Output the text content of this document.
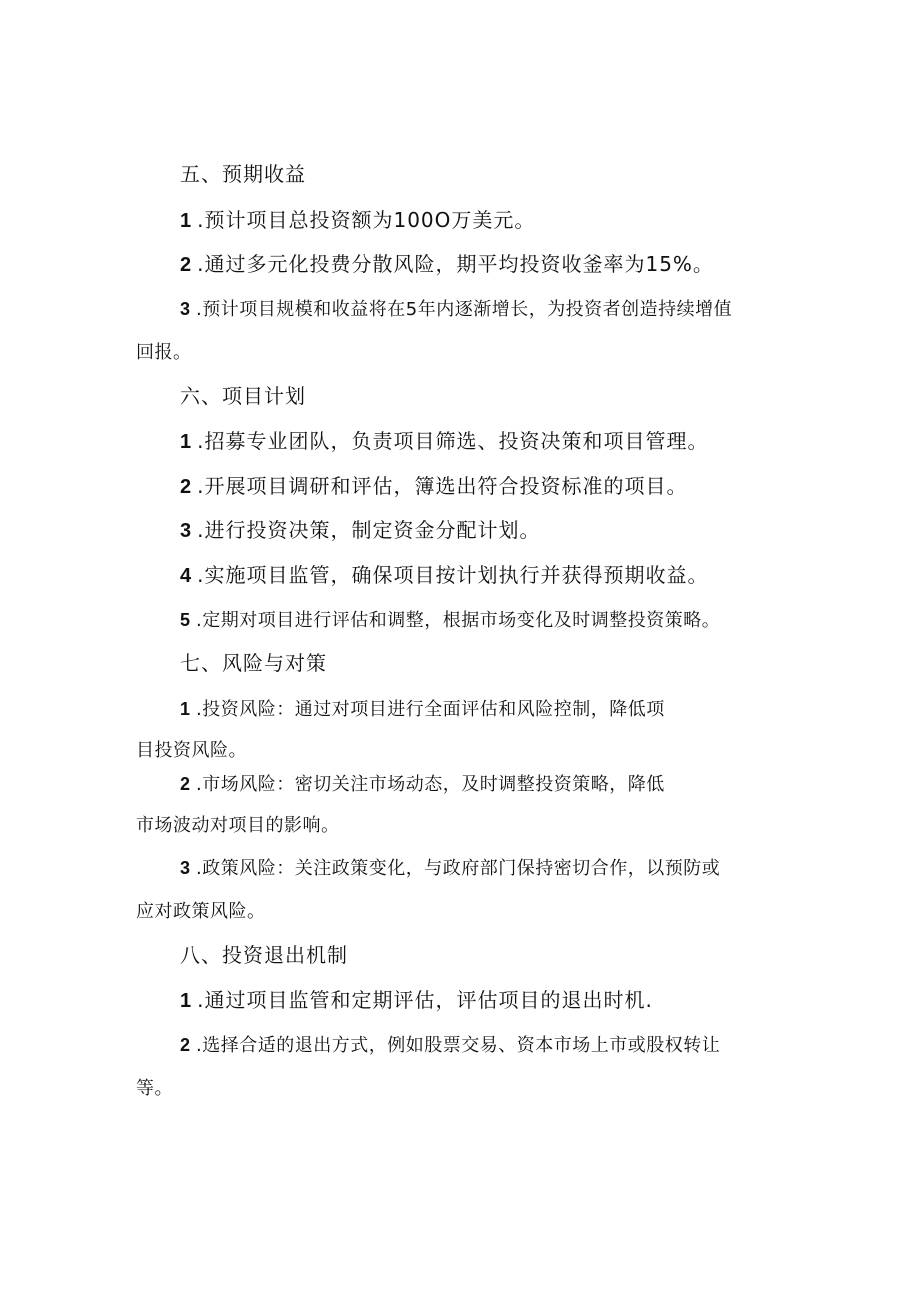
五、预期收益
1 .预计项目总投资额为100O万美元。
2 .通过多元化投费分散风险，期平均投资收釜率为15%。
3 .预计项目规模和收益将在5年内逐渐增长，为投资者创造持续增值
回报。
六、项目计划
1 .招募专业团队，负责项目筛选、投资决策和项目管理。
2 .开展项目调研和评估，簿选出符合投资标准的项目。
3 .进行投资决策，制定资金分配计划。
4 .实施项目监管，确保项目按计划执行并获得预期收益。
5 .定期对项目进行评估和调整，根据市场变化及时调整投资策略。
七、风险与对策
1 .投资风险：通过对项目进行全面评估和风险控制，降低项
目投资风险。
2 .市场风险：密切关注市场动态，及时调整投资策略，降低
市场波动对项目的影响。
3 .政策风险：关注政策变化，与政府部门保持密切合作，以预防或
应对政策风险。
八、投资退出机制
1 .通过项目监管和定期评估，评估项目的退出时机.
2 .选择合适的退出方式，例如股票交易、资本市场上市或股权转让
等。
